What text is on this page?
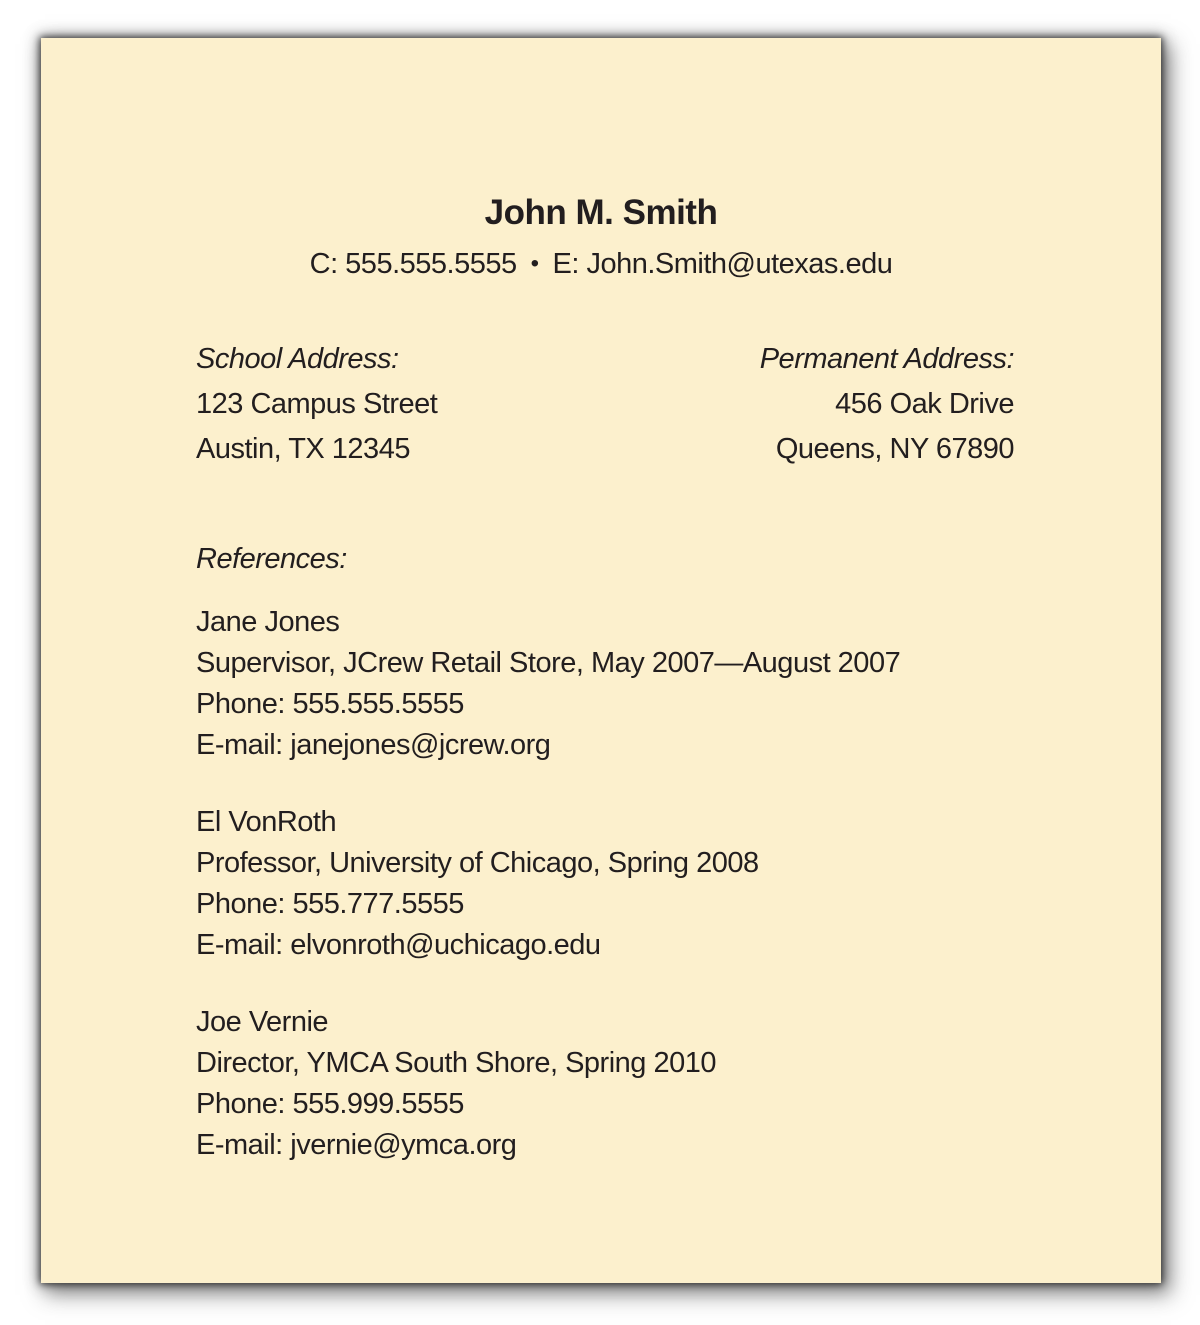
John M. Smith
C: 555.555.5555 • E: John.Smith@utexas.edu
School Address:
123 Campus Street
Austin, TX 12345
Permanent Address:
456 Oak Drive
Queens, NY 67890
References:
Jane Jones
Supervisor, JCrew Retail Store, May 2007—August 2007
Phone: 555.555.5555
E-mail: janejones@jcrew.org
El VonRoth
Professor, University of Chicago, Spring 2008
Phone: 555.777.5555
E-mail: elvonroth@uchicago.edu
Joe Vernie
Director, YMCA South Shore, Spring 2010
Phone: 555.999.5555
E-mail: jvernie@ymca.org
